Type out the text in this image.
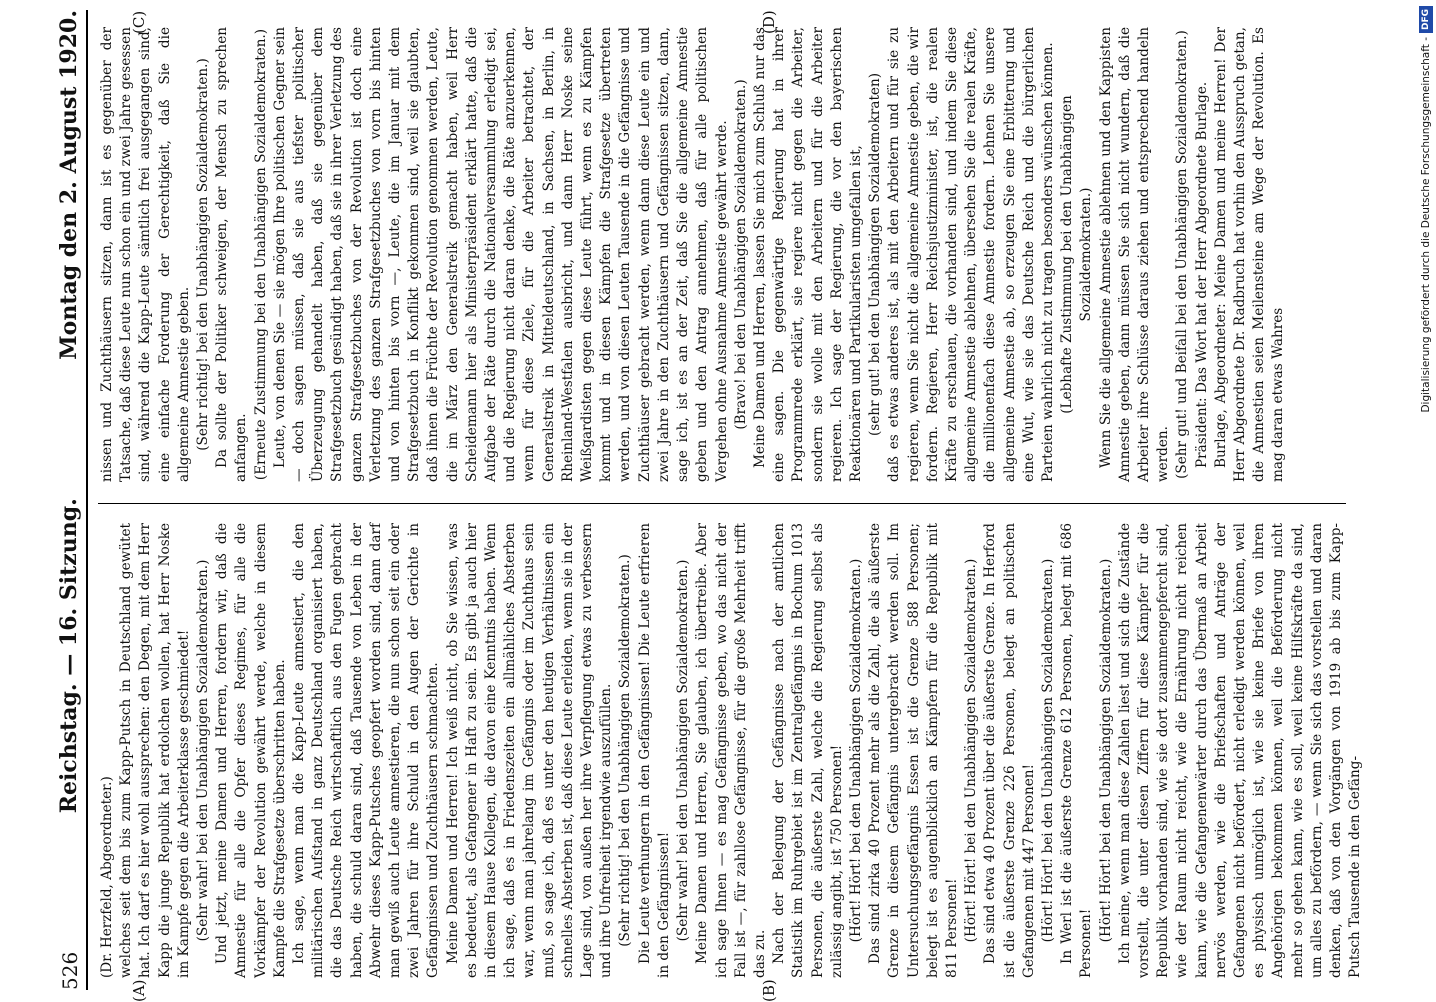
526
Reichstag. — 16. Sitzung.
Montag den 2. August 1920.
(A)	(B)
(C)	(D)

(Dr. Herzfeld, Abgeordneter.) welches seit dem bis zum Kapp-Putsch in Deutschland gewütet hat. Ich darf es hier wohl aussprechen: den Degen, mit dem Herr Kapp die junge Republik hat erdolchen wollen, hat Herr Noske im Kampfe gegen die Arbeiterklasse geschmiedet! (Sehr wahr! bei den Unabhängigen Sozialdemokraten.) Und jetzt, meine Damen und Herren, fordern wir, daß die Amnestie für alle die Opfer dieses Regimes, für alle die Vorkämpfer der Revolution gewährt werde, welche in diesem Kampfe die Strafgesetze überschritten haben. Ich sage, wenn man die Kapp-Leute amnestiert, die den militärischen Aufstand in ganz Deutschland organisiert haben, die das Deutsche Reich wirtschaftlich aus den Fugen gebracht haben, die schuld daran sind, daß Tausende von Leben in der Abwehr dieses Kapp-Putsches geopfert worden sind, dann darf man gewiß auch Leute amnestieren, die nun schon seit ein oder zwei Jahren für ihre Schuld in den Augen der Gerichte in Gefängnissen und Zuchthäusern schmachten. Meine Damen und Herren! Ich weiß nicht, ob Sie wissen, was es bedeutet, als Gefangener in Haft zu sein. Es gibt ja auch hier in diesem Hause Kollegen, die davon eine Kenntnis haben. Wenn ich sage, daß es in Friedenszeiten ein allmähliches Absterben war, wenn man jahrelang im Gefängnis oder im Zuchthaus sein muß, so sage ich, daß es unter den heutigen Verhältnissen ein schnelles Absterben ist, daß diese Leute erleiden, wenn sie in der Lage sind, von außen her ihre Verpflegung etwas zu verbessern und ihre Unfreiheit irgendwie auszufüllen. (Sehr richtig! bei den Unabhängigen Sozialdemokraten.) Die Leute verhungern in den Gefängnissen! Die Leute erfrieren in den Gefängnissen! (Sehr wahr! bei den Unabhängigen Sozialdemokraten.) Meine Damen und Herren, Sie glauben, ich übertreibe. Aber ich sage Ihnen — es mag Gefängnisse geben, wo das nicht der Fall ist —, für zahllose Gefängnisse, für die große Mehrheit trifft das zu. Nach der Belegung der Gefängnisse nach der amtlichen Statistik im Ruhrgebiet ist im Zentralgefängnis in Bochum 1013 Personen, die äußerste Zahl, welche die Regierung selbst als zulässig angibt, ist 750 Personen! (Hört! Hört! bei den Unabhängigen Sozialdemokraten.) Das sind zirka 40 Prozent mehr als die Zahl, die als äußerste Grenze in diesem Gefängnis untergebracht werden soll. Im Untersuchungsgefängnis Essen ist die Grenze 588 Personen; belegt ist es augenblicklich an Kämpfern für die Republik mit 811 Personen! (Hört! Hört! bei den Unabhängigen Sozialdemokraten.) Das sind etwa 40 Prozent über die äußerste Grenze. In Herford ist die äußerste Grenze 226 Personen, belegt an politischen Gefangenen mit 447 Personen! (Hört! Hört! bei den Unabhängigen Sozialdemokraten.) In Werl ist die äußerste Grenze 612 Personen, belegt mit 686 Personen!

(Hört! Hört! bei den Unabhängigen Sozialdemokraten.) Ich meine, wenn man diese Zahlen liest und sich die Zustände vorstellt, die unter diesen Ziffern für diese Kämpfer für die Republik vorhanden sind, wie sie dort zusammengepfercht sind, wie der Raum nicht reicht, wie die Ernährung nicht reichen kann, wie die Gefangenenwärter durch das Übermaß an Arbeit nervös werden, wie die Briefschaften und Anträge der Gefangenen nicht befördert, nicht erledigt werden können, weil es physisch unmöglich ist, wie sie keine Briefe von ihren Angehörigen bekommen können, weil die Beförderung nicht mehr so gehen kann, wie es soll, weil keine Hilfskräfte da sind, um alles zu befördern, — wenn Sie sich das vorstellen und daran denken, daß von den Vorgängen von 1919 ab bis zum Kapp-Putsch Tausende in den Gefäng-

nissen und Zuchthäusern sitzen, dann ist es gegenüber der Tatsache, daß diese Leute nun schon ein und zwei Jahre gesessen sind, während die Kapp-Leute sämtlich frei ausgegangen sind, eine einfache Forderung der Gerechtigkeit, daß Sie die allgemeine Amnestie geben. (Sehr richtig! bei den Unabhängigen Sozialdemokraten.) Da sollte der Politiker schweigen, der Mensch zu sprechen anfangen. (Erneute Zustimmung bei den Unabhängigen Sozialdemokraten.) Leute, von denen Sie — sie mögen Ihre politischen Gegner sein — doch sagen müssen, daß sie aus tiefster politischer Überzeugung gehandelt haben, daß sie gegenüber dem Strafgesetzbuch gesündigt haben, daß sie in ihrer Verletzung des ganzen Strafgesetzbuches von der Revolution ist doch eine Verletzung des ganzen Strafgesetzbuches von vorn bis hinten und von hinten bis vorn —, Leute, die im Januar mit dem Strafgesetzbuch in Konflikt gekommen sind, weil sie glaubten, daß ihnen die Früchte der Revolution genommen werden, Leute, die im März den Generalstreik gemacht haben, weil Herr Scheidemann hier als Ministerpräsident erklärt hatte, daß die Aufgabe der Räte durch die Nationalversammlung erledigt sei, und die Regierung nicht daran denke, die Räte anzuerkennen, wenn für diese Ziele, für die Arbeiter betrachtet, der Generalstreik in Mitteldeutschland, in Sachsen, in Berlin, in Rheinland-Westfalen ausbricht, und dann Herr Noske seine Weißgardisten gegen diese Leute führt, wenn es zu Kämpfen kommt und in diesen Kämpfen die Strafgesetze übertreten werden, und von diesen Leuten Tausende in die Gefängnisse und Zuchthäuser gebracht werden, wenn dann diese Leute ein und zwei Jahre in den Zuchthäusern und Gefängnissen sitzen, dann, sage ich, ist es an der Zeit, daß Sie die allgemeine Amnestie geben und den Antrag annehmen, daß für alle politischen Vergehen ohne Ausnahme Amnestie gewährt werde. (Bravo! bei den Unabhängigen Sozialdemokraten.) Meine Damen und Herren, lassen Sie mich zum Schluß nur das eine sagen. Die gegenwärtige Regierung hat in ihrer Programmrede erklärt, sie regiere nicht gegen die Arbeiter, sondern sie wolle mit den Arbeitern und für die Arbeiter regieren. Ich sage der Regierung, die vor den bayerischen Reaktionären und Partikularisten umgefallen ist, (sehr gut! bei den Unabhängigen Sozialdemokraten) daß es etwas anderes ist, als mit den Arbeitern und für sie zu regieren, wenn Sie nicht die allgemeine Amnestie geben, die wir fordern. Regieren, Herr Reichsjustizminister, ist, die realen Kräfte zu erschauen, die vorhanden sind, und indem Sie diese allgemeine Amnestie ablehnen, übersehen Sie die realen Kräfte, die millionenfach diese Amnestie fordern. Lehnen Sie unsere allgemeine Amnestie ab, so erzeugen Sie eine Erbitterung und eine Wut, wie sie das Deutsche Reich und die bürgerlichen Parteien wahrlich nicht zu tragen besonders wünschen können. (Lebhafte Zustimmung bei den Unabhängigen Sozialdemokraten.) Wenn Sie die allgemeine Amnestie ablehnen und den Kappisten Amnestie geben, dann müssen Sie sich nicht wundern, daß die Arbeiter ihre Schlüsse daraus ziehen und entsprechend handeln werden. (Sehr gut! und Beifall bei den Unabhängigen Sozialdemokraten.) Präsident: Das Wort hat der Herr Abgeordnete Burlage. Burlage, Abgeordneter: Meine Damen und meine Herren! Der Herr Abgeordnete Dr. Radbruch hat vorhin den Ausspruch getan, die Amnestien seien Meilensteine am Wege der Revolution. Es mag daran etwas Wahres	Digitalisierung gefördert durch die Deutsche Forschungsgemeinschaft -
DFG
